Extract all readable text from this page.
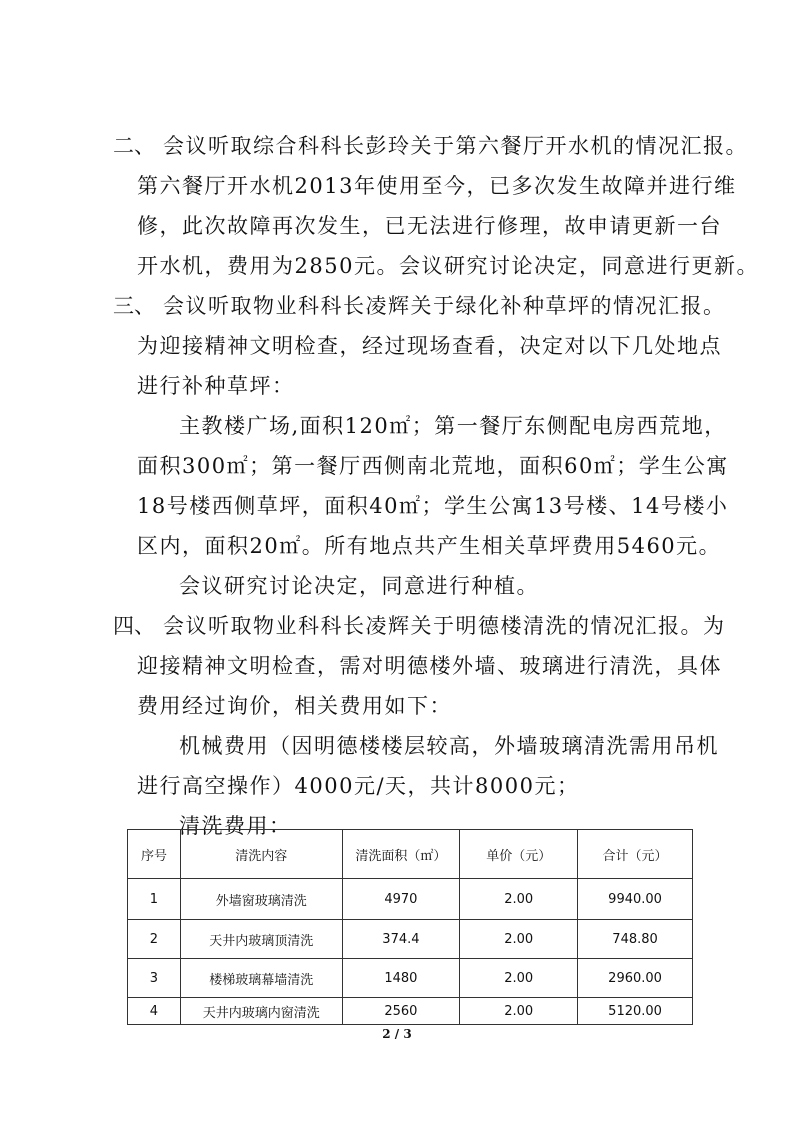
二、 会议听取综合科科长彭玲关于第六餐厅开水机的情况汇报。
第六餐厅开水机2013年使用至今，已多次发生故障并进行维
修，此次故障再次发生，已无法进行修理，故申请更新一台
开水机，费用为2850元。会议研究讨论决定，同意进行更新。
三、 会议听取物业科科长凌辉关于绿化补种草坪的情况汇报。
为迎接精神文明检查，经过现场查看，决定对以下几处地点
进行补种草坪：
主教楼广场,面积120㎡；第一餐厅东侧配电房西荒地，
面积300㎡；第一餐厅西侧南北荒地，面积60㎡；学生公寓
18号楼西侧草坪，面积40㎡；学生公寓13号楼、14号楼小
区内，面积20㎡。所有地点共产生相关草坪费用5460元。
会议研究讨论决定，同意进行种植。
四、 会议听取物业科科长凌辉关于明德楼清洗的情况汇报。为
迎接精神文明检查，需对明德楼外墙、玻璃进行清洗，具体
费用经过询价，相关费用如下：
机械费用（因明德楼楼层较高，外墙玻璃清洗需用吊机
进行高空操作）4000元/天，共计8000元；
清洗费用：
序号	清洗内容	清洗面积（㎡）	单价（元）	合计（元）
1	外墙窗玻璃清洗	4970	2.00	9940.00
2	天井内玻璃顶清洗	374.4	2.00	748.80
3	楼梯玻璃幕墙清洗	1480	2.00	2960.00
4	天井内玻璃内窗清洗	2560	2.00	5120.00
2 / 3
